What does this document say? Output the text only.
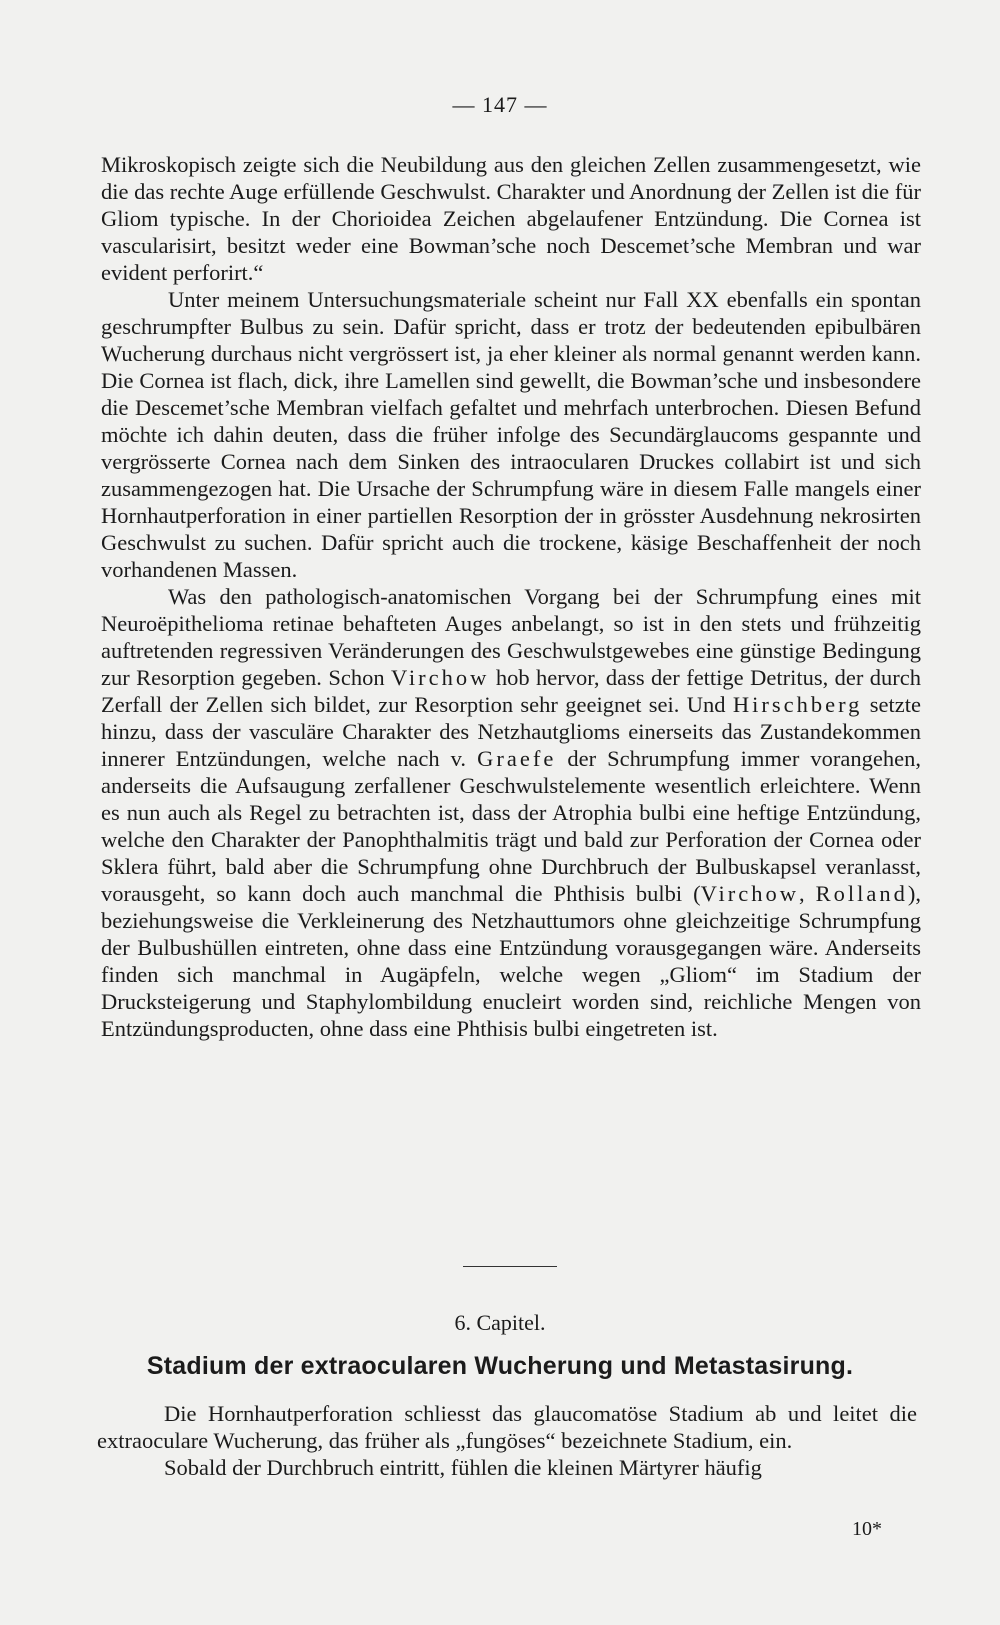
— 147 —

Mikroskopisch zeigte sich die Neubildung aus den gleichen Zellen zusammengesetzt, wie die das rechte Auge erfüllende Geschwulst. Charakter und Anordnung der Zellen ist die für Gliom typische. In der Chorioidea Zeichen abgelaufener Entzündung. Die Cornea ist vascularisirt, besitzt weder eine Bowman’sche noch Descemet’sche Membran und war evident perforirt.“

Unter meinem Untersuchungsmateriale scheint nur Fall XX ebenfalls ein spontan geschrumpfter Bulbus zu sein. Dafür spricht, dass er trotz der bedeutenden epibulbären Wucherung durchaus nicht vergrössert ist, ja eher kleiner als normal genannt werden kann. Die Cornea ist flach, dick, ihre Lamellen sind gewellt, die Bowman’sche und insbesondere die Descemet’sche Membran vielfach gefaltet und mehrfach unterbrochen. Diesen Befund möchte ich dahin deuten, dass die früher infolge des Secundärglaucoms gespannte und vergrösserte Cornea nach dem Sinken des intraocularen Druckes collabirt ist und sich zusammengezogen hat. Die Ursache der Schrumpfung wäre in diesem Falle mangels einer Hornhautperforation in einer partiellen Resorption der in grösster Ausdehnung nekrosirten Geschwulst zu suchen. Dafür spricht auch die trockene, käsige Beschaffenheit der noch vorhandenen Massen.

Was den pathologisch-anatomischen Vorgang bei der Schrumpfung eines mit Neuroëpithelioma retinae behafteten Auges anbelangt, so ist in den stets und frühzeitig auftretenden regressiven Veränderungen des Geschwulstgewebes eine günstige Bedingung zur Resorption gegeben. Schon Virchow hob hervor, dass der fettige Detritus, der durch Zerfall der Zellen sich bildet, zur Resorption sehr geeignet sei. Und Hirschberg setzte hinzu, dass der vasculäre Charakter des Netzhautglioms einerseits das Zustandekommen innerer Entzündungen, welche nach v. Graefe der Schrumpfung immer vorangehen, anderseits die Aufsaugung zerfallener Geschwulstelemente wesentlich erleichtere. Wenn es nun auch als Regel zu betrachten ist, dass der Atrophia bulbi eine heftige Entzündung, welche den Charakter der Panophthalmitis trägt und bald zur Perforation der Cornea oder Sklera führt, bald aber die Schrumpfung ohne Durchbruch der Bulbuskapsel veranlasst, vorausgeht, so kann doch auch manchmal die Phthisis bulbi (Virchow, Rolland), beziehungsweise die Verkleinerung des Netzhauttumors ohne gleichzeitige Schrumpfung der Bulbushüllen eintreten, ohne dass eine Entzündung vorausgegangen wäre. Anderseits finden sich manchmal in Augäpfeln, welche wegen „Gliom“ im Stadium der Drucksteigerung und Staphylombildung enucleirt worden sind, reichliche Mengen von Entzündungsproducten, ohne dass eine Phthisis bulbi eingetreten ist.

6. Capitel.
Stadium der extraocularen Wucherung und Metastasirung.

Die Hornhautperforation schliesst das glaucomatöse Stadium ab und leitet die extraoculare Wucherung, das früher als „fungöses“ bezeichnete Stadium, ein.

Sobald der Durchbruch eintritt, fühlen die kleinen Märtyrer häufig

10*
